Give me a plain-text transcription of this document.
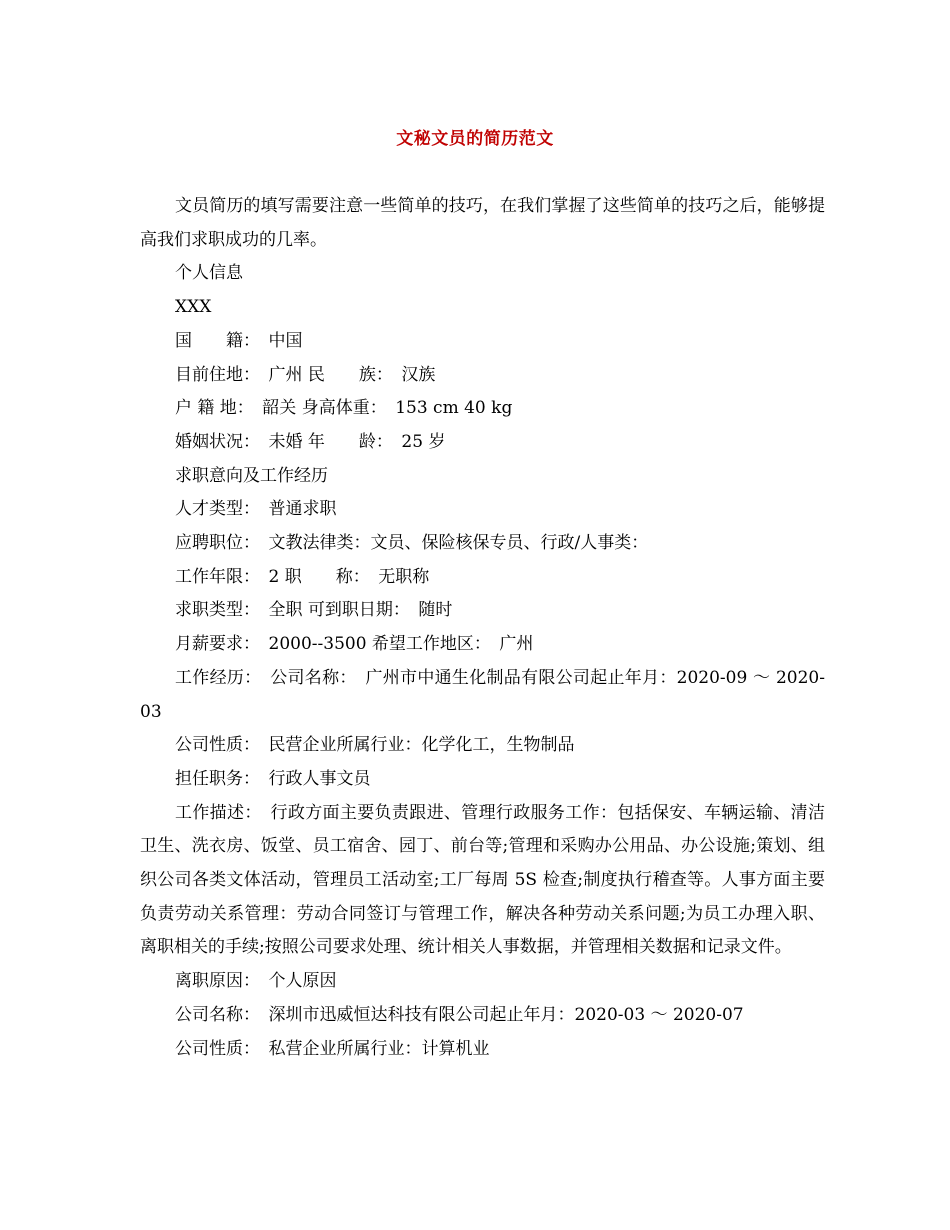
文秘文员的简历范文

文员简历的填写需要注意一些简单的技巧，在我们掌握了这些简单的技巧之后，能够提高我们求职成功的几率。

个人信息
XXX
国　　籍：　中国
目前住地：　广州 民　　族：　汉族
户 籍 地：　韶关 身高体重：　153 cm 40 kg
婚姻状况：　未婚 年　　龄：　25 岁
求职意向及工作经历
人才类型：　普通求职
应聘职位：　文教法律类：文员、保险核保专员、行政/人事类：
工作年限：　2 职　　称：　无职称
求职类型：　全职 可到职日期：　随时
月薪要求：　2000--3500 希望工作地区：　广州

工作经历：　公司名称：　广州市中通生化制品有限公司起止年月：2020-09 ～ 2020-03

公司性质：　民营企业所属行业：化学化工，生物制品
担任职务：　行政人事文员

工作描述：　行政方面主要负责跟进、管理行政服务工作：包括保安、车辆运输、清洁卫生、洗衣房、饭堂、员工宿舍、园丁、前台等;管理和采购办公用品、办公设施;策划、组织公司各类文体活动，管理员工活动室;工厂每周 5S 检查;制度执行稽查等。人事方面主要负责劳动关系管理：劳动合同签订与管理工作，解决各种劳动关系问题;为员工办理入职、离职相关的手续;按照公司要求处理、统计相关人事数据，并管理相关数据和记录文件。

离职原因：　个人原因
公司名称：　深圳市迅威恒达科技有限公司起止年月：2020-03 ～ 2020-07
公司性质：　私营企业所属行业：计算机业
